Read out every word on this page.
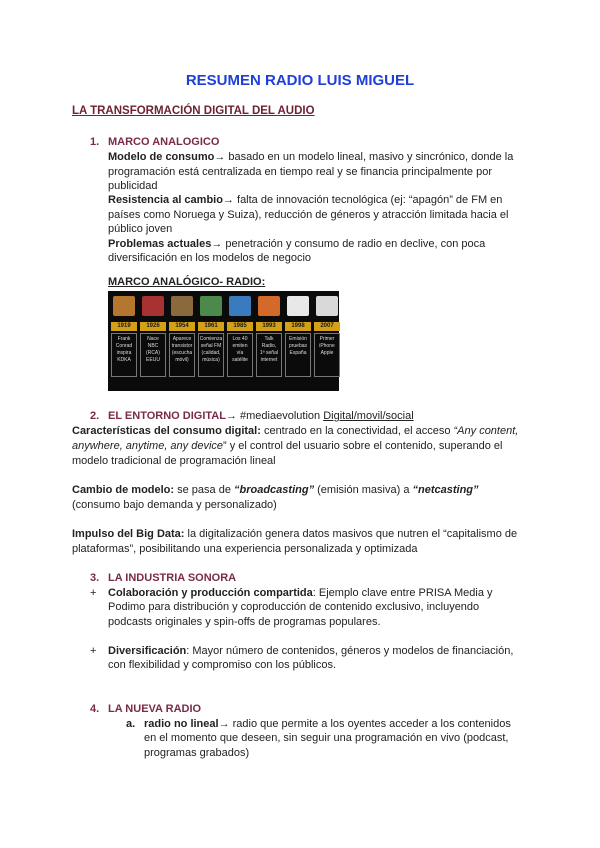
RESUMEN RADIO LUIS MIGUEL
LA TRANSFORMACIÓN DIGITAL DEL AUDIO
1. MARCO ANALOGICO
Modelo de consumo→ basado en un modelo lineal, masivo y sincrónico, donde la
programación está centralizada en tiempo real y se financia principalmente por
publicidad
Resistencia al cambio→ falta de innovación tecnológica (ej: “apagón” de FM en
países como Noruega y Suiza), reducción de géneros y atracción limitada hacia el
público joven
Problemas actuales→ penetración y consumo de radio en declive, con poca
diversificación en los modelos de negocio
MARCO ANALÓGICO- RADIO:
1919
Frank
Conrad
inspira
KDKA
1926
Nace
NBC
(RCA)
EEUU
1954
Aparece
transistor
(escucha
móvil)
1961
Comienza
señal FM
(calidad,
música)
1985
Los 40
emiten
vía
satélite
1993
Talk
Radio,
1ª señal
internet
1998
Emisión
pruebas
España
2007
Primer
iPhone
Apple
2. EL ENTORNO DIGITAL→ #mediaevolution Digital/movil/social
Características del consumo digital: centrado en la conectividad, el acceso “Any content,
anywhere, anytime, any device” y el control del usuario sobre el contenido, superando el
modelo tradicional de programación lineal
Cambio de modelo: se pasa de “broadcasting” (emisión masiva) a “netcasting”
(consumo bajo demanda y personalizado)
Impulso del Big Data: la digitalización genera datos masivos que nutren el “capitalismo de
plataformas”, posibilitando una experiencia personalizada y optimizada
3. LA INDUSTRIA SONORA
+ Colaboración y producción compartida: Ejemplo clave entre PRISA Media y
Podimo para distribución y coproducción de contenido exclusivo, incluyendo
podcasts originales y spin-offs de programas populares.
+ Diversificación: Mayor número de contenidos, géneros y modelos de financiación,
con flexibilidad y compromiso con los públicos.
4. LA NUEVA RADIO
a. radio no lineal→ radio que permite a los oyentes acceder a los contenidos
en el momento que deseen, sin seguir una programación en vivo (podcast,
programas grabados)
